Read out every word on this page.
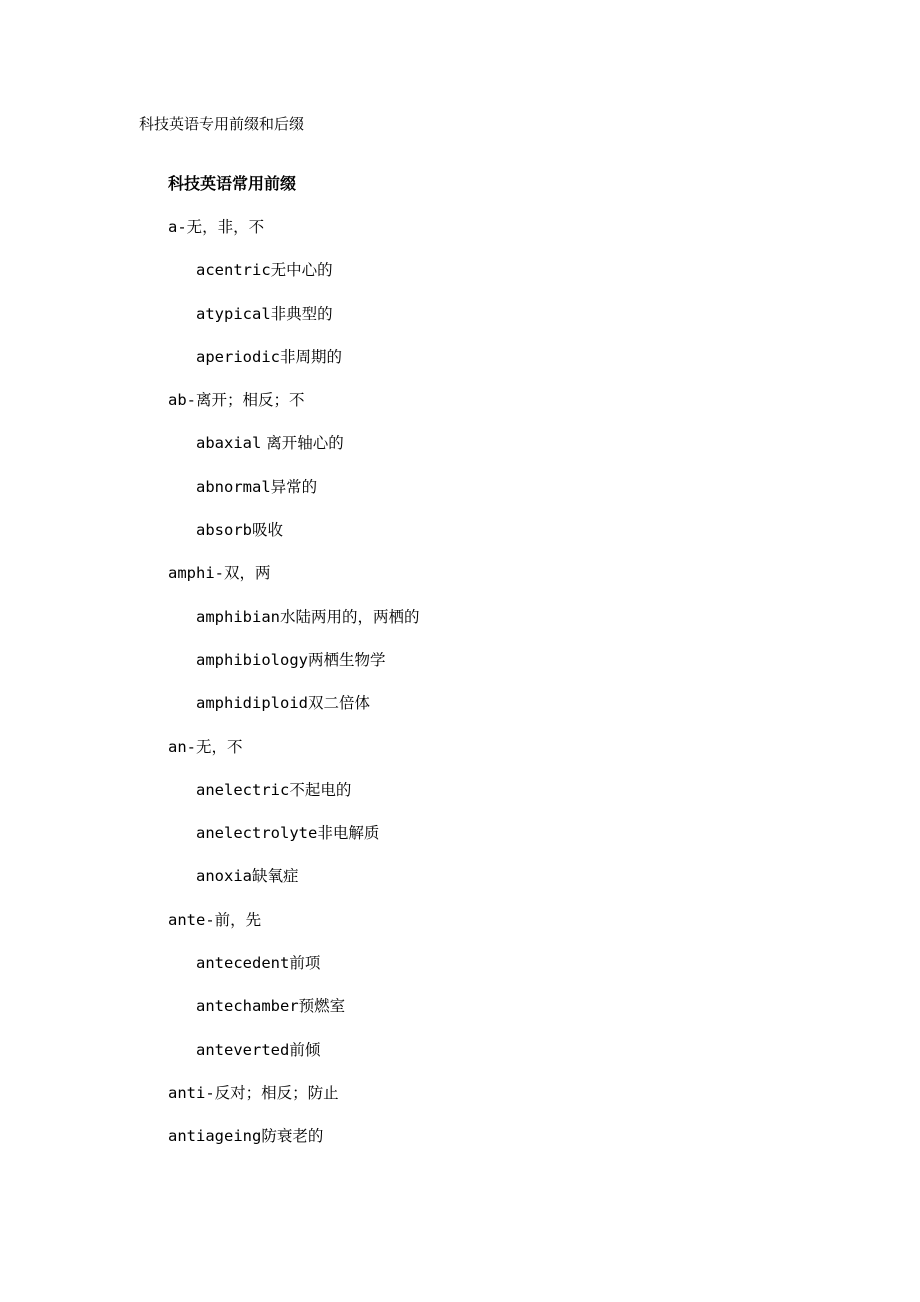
科技英语专用前缀和后缀
科技英语常用前缀
a-无，非，不
acentric无中心的
atypical非典型的
aperiodic非周期的
ab-离开；相反；不
abaxial 离开轴心的
abnormal异常的
absorb吸收
amphi-双，两
amphibian水陆两用的，两栖的
amphibiology两栖生物学
amphidiploid双二倍体
an-无，不
anelectric不起电的
anelectrolyte非电解质
anoxia缺氧症
ante-前，先
antecedent前项
antechamber预燃室
anteverted前倾
anti-反对；相反；防止
antiageing防衰老的
